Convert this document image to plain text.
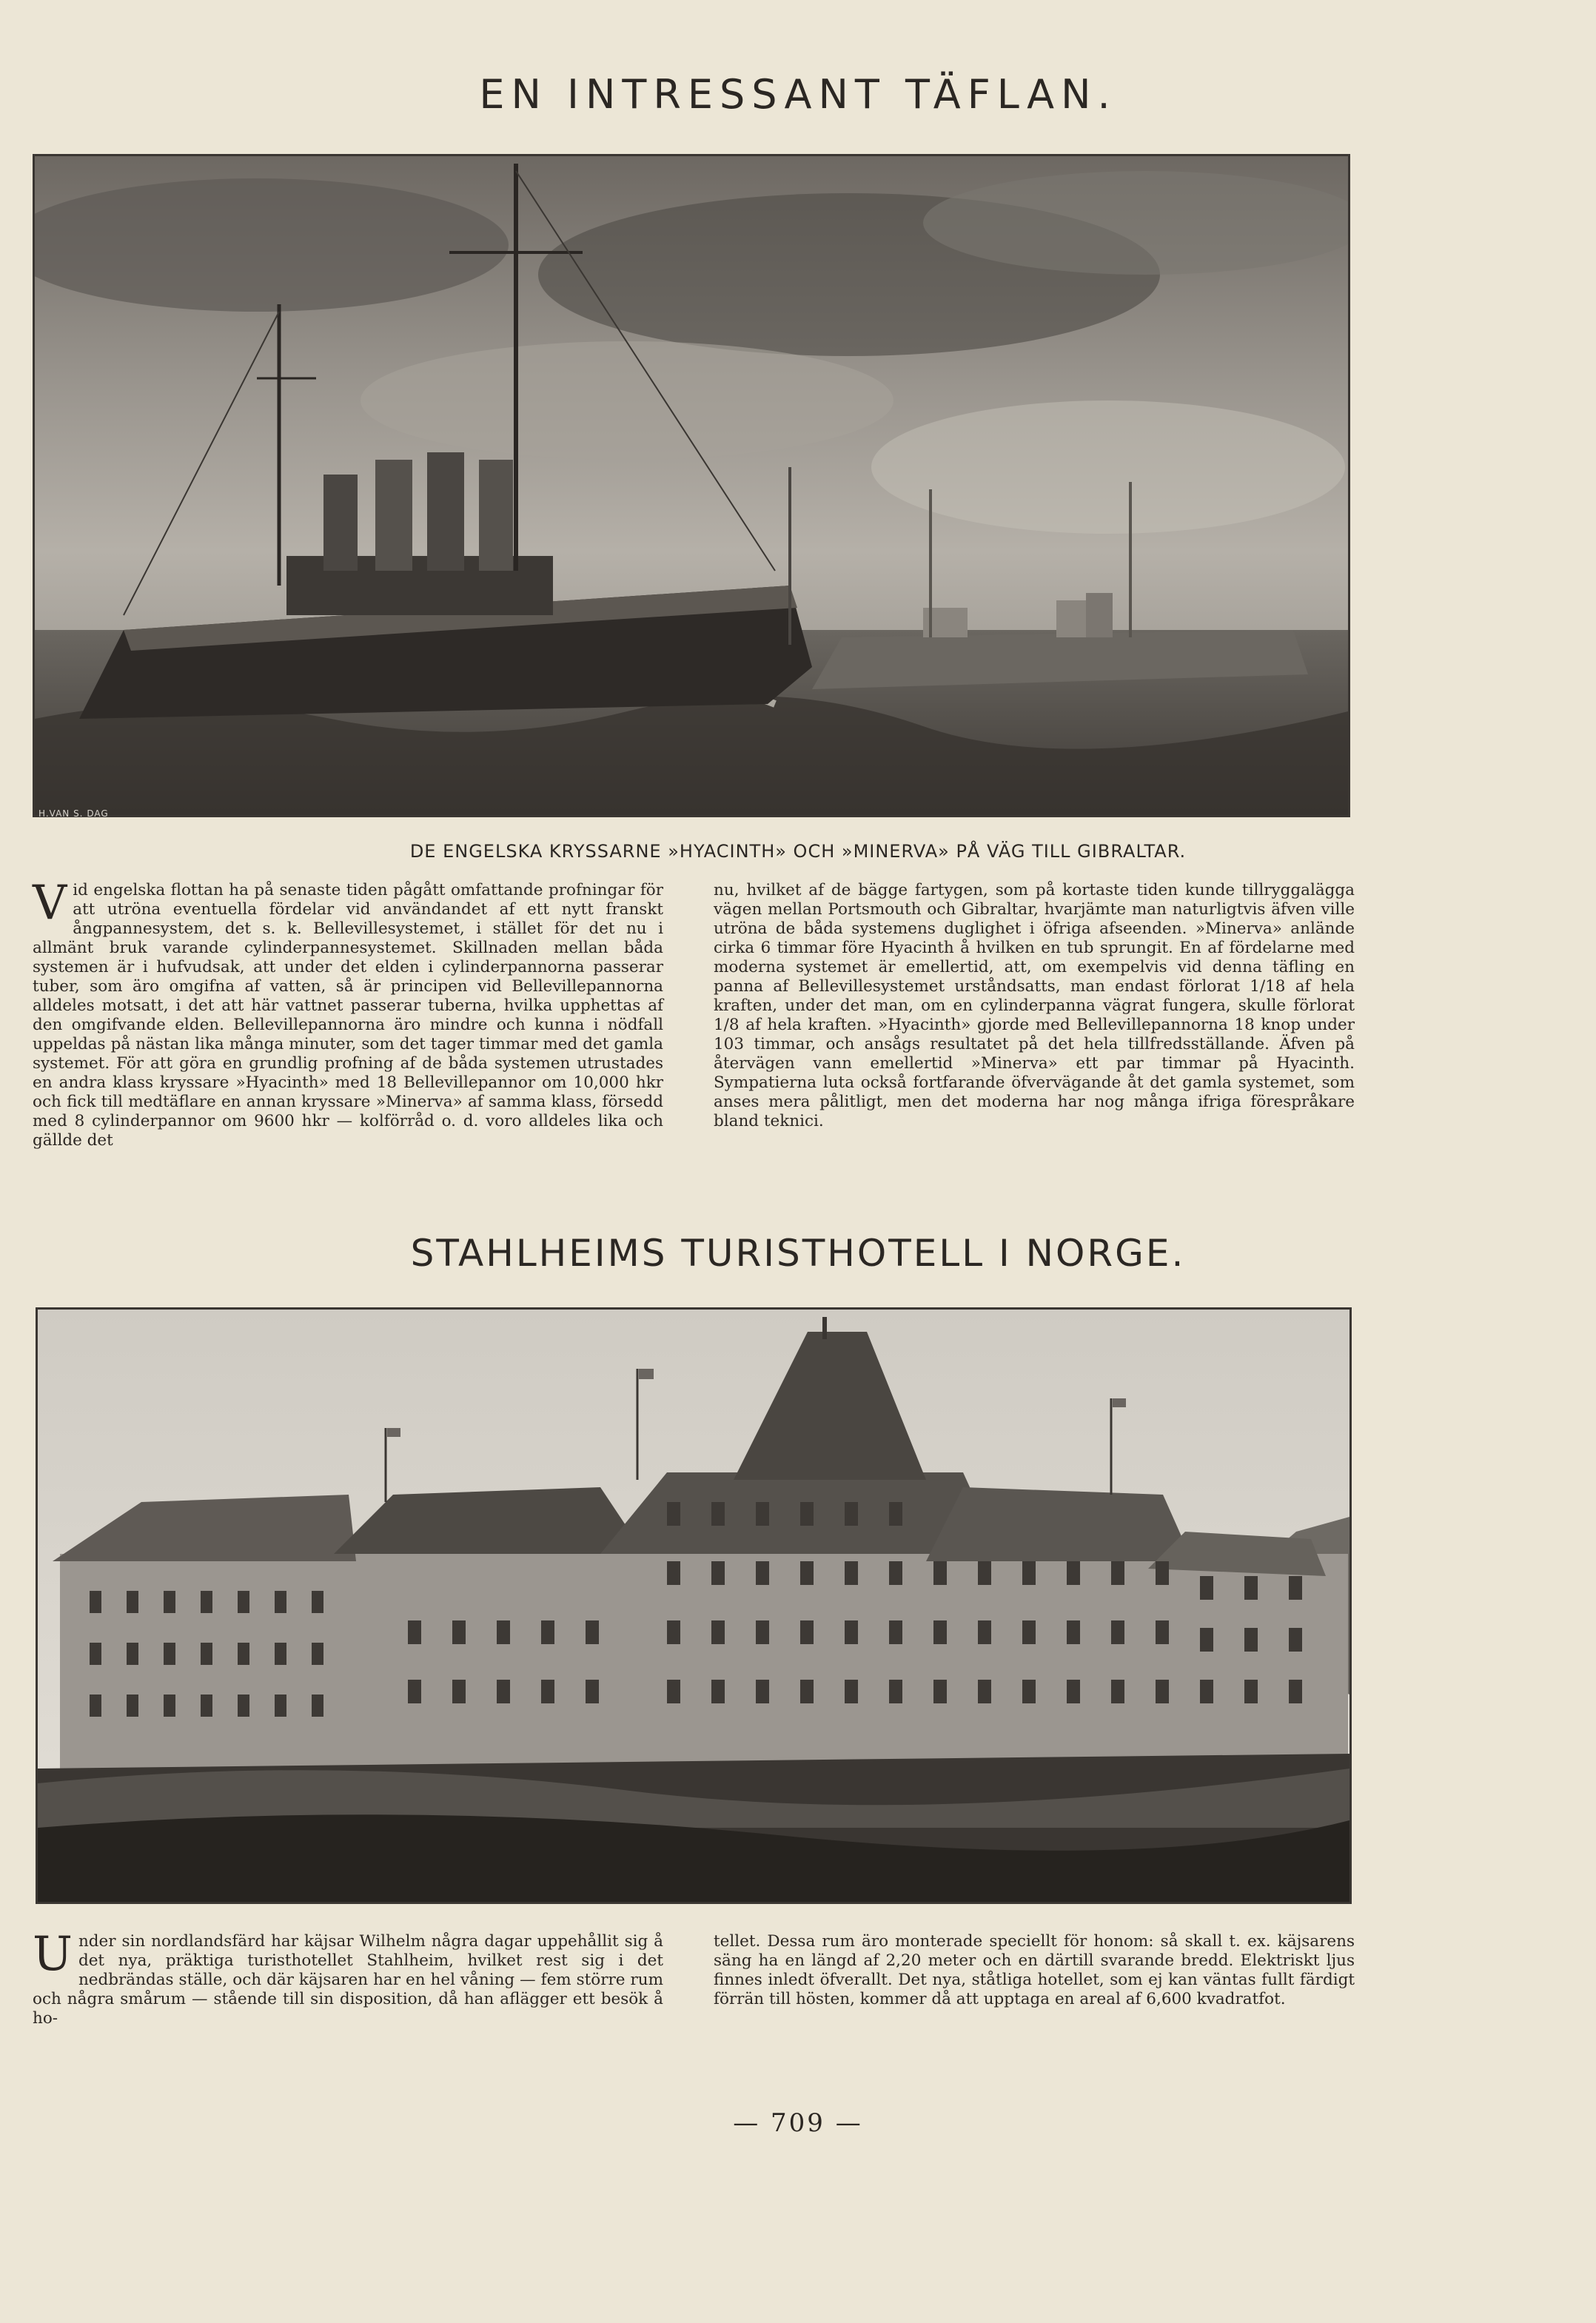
EN INTRESSANT TÄFLAN.
H.VAN S. DAG
DE ENGELSKA KRYSSARNE »HYACINTH» OCH »MINERVA» PÅ VÄG TILL GIBRALTAR.

Vid engelska flottan ha på senaste tiden pågått omfattande profningar för att utröna eventuella fördelar vid användandet af ett nytt franskt ångpannesystem, det s. k. Bellevillesystemet, i stället för det nu i allmänt bruk varande cylinderpannesystemet. Skillnaden mellan båda systemen är i hufvudsak, att under det elden i cylinderpannorna passerar tuber, som äro omgifna af vatten, så är principen vid Bellevillepannorna alldeles motsatt, i det att här vattnet passerar tuberna, hvilka upphettas af den omgifvande elden. Bellevillepannorna äro mindre och kunna i nödfall uppeldas på nästan lika många minuter, som det tager timmar med det gamla systemet. För att göra en grundlig profning af de båda systemen utrustades en andra klass kryssare »Hyacinth» med 18 Bellevillepannor om 10,000 hkr och fick till medtäflare en annan kryssare »Minerva» af samma klass, försedd med 8 cylinderpannor om 9600 hkr — kolförråd o. d. voro alldeles lika och gällde det

nu, hvilket af de bägge fartygen, som på kortaste tiden kunde tillryggalägga vägen mellan Portsmouth och Gibraltar, hvarjämte man naturligtvis äfven ville utröna de båda systemens duglighet i öfriga afseenden. »Minerva» anlände cirka 6 timmar före Hyacinth å hvilken en tub sprungit. En af fördelarne med moderna systemet är emellertid, att, om exempelvis vid denna täfling en panna af Bellevillesystemet urståndsatts, man endast förlorat 1/18 af hela kraften, under det man, om en cylinderpanna vägrat fungera, skulle förlorat 1/8 af hela kraften. »Hyacinth» gjorde med Bellevillepannorna 18 knop under 103 timmar, och ansågs resultatet på det hela tillfredsställande. Äfven på återvägen vann emellertid »Minerva» ett par timmar på Hyacinth. Sympatierna luta också fortfarande öfvervägande åt det gamla systemet, som anses mera pålitligt, men det moderna har nog många ifriga förespråkare bland teknici.

STAHLHEIMS TURISTHOTELL I NORGE.

Under sin nordlandsfärd har käjsar Wilhelm några dagar uppehållit sig å det nya, präktiga turisthotellet Stahlheim, hvilket rest sig i det nedbrändas ställe, och där käjsaren har en hel våning — fem större rum och några smårum — stående till sin disposition, då han aflägger ett besök å ho-

tellet. Dessa rum äro monterade speciellt för honom: så skall t. ex. käjsarens säng ha en längd af 2,20 meter och en därtill svarande bredd. Elektriskt ljus finnes inledt öfverallt. Det nya, ståtliga hotellet, som ej kan väntas fullt färdigt förrän till hösten, kommer då att upptaga en areal af 6,600 kvadratfot.

— 709 —
